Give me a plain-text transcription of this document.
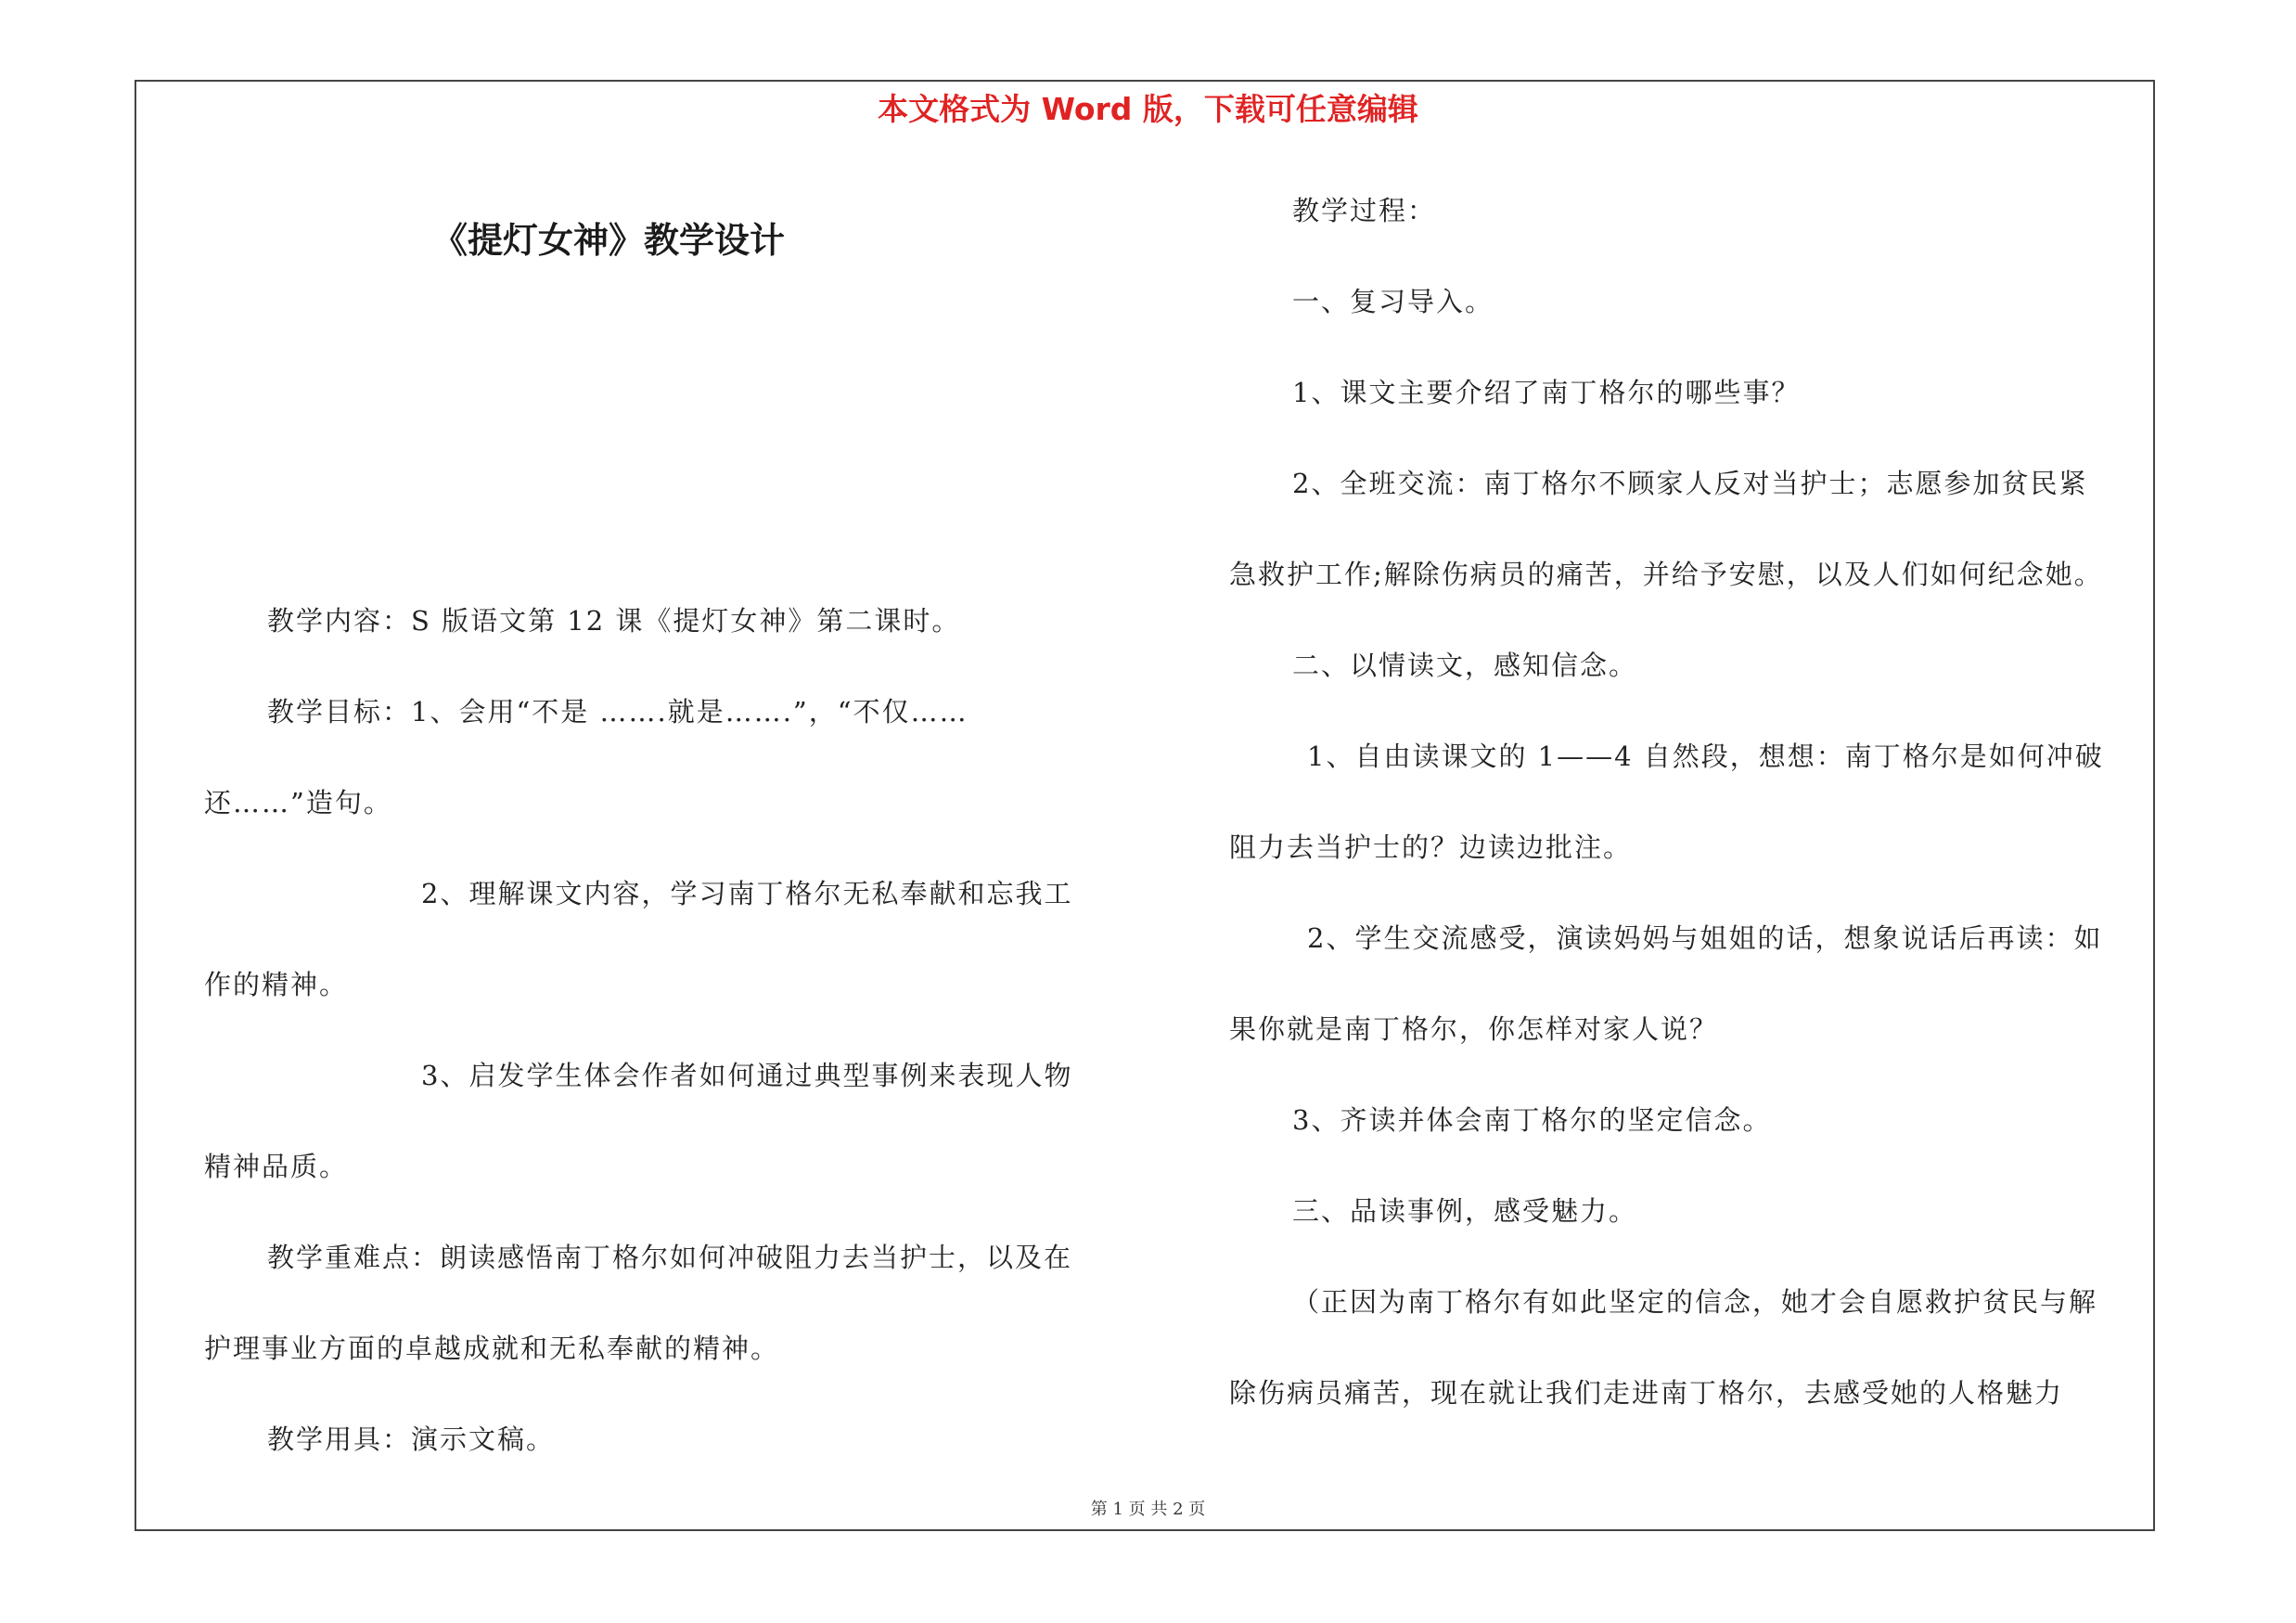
本文格式为 Word 版，下载可任意编辑
《提灯女神》教学设计
教学内容：S 版语文第 12 课《提灯女神》第二课时。
教学目标：1、会用“不是 …….就是…….”，“不仅……
还……”造句。
2、理解课文内容，学习南丁格尔无私奉献和忘我工
作的精神。
3、启发学生体会作者如何通过典型事例来表现人物
精神品质。
教学重难点：朗读感悟南丁格尔如何冲破阻力去当护士，以及在
护理事业方面的卓越成就和无私奉献的精神。
教学用具：演示文稿。
教学过程：
一、复习导入。
1、课文主要介绍了南丁格尔的哪些事？
2、全班交流：南丁格尔不顾家人反对当护士；志愿参加贫民紧
急救护工作;解除伤病员的痛苦，并给予安慰，以及人们如何纪念她。
二、以情读文，感知信念。
1、自由读课文的 1——4 自然段，想想：南丁格尔是如何冲破
阻力去当护士的？边读边批注。
2、学生交流感受，演读妈妈与姐姐的话，想象说话后再读：如
果你就是南丁格尔，你怎样对家人说？
3、齐读并体会南丁格尔的坚定信念。
三、品读事例，感受魅力。
（正因为南丁格尔有如此坚定的信念，她才会自愿救护贫民与解
除伤病员痛苦，现在就让我们走进南丁格尔，去感受她的人格魅力
第 1 页 共 2 页
